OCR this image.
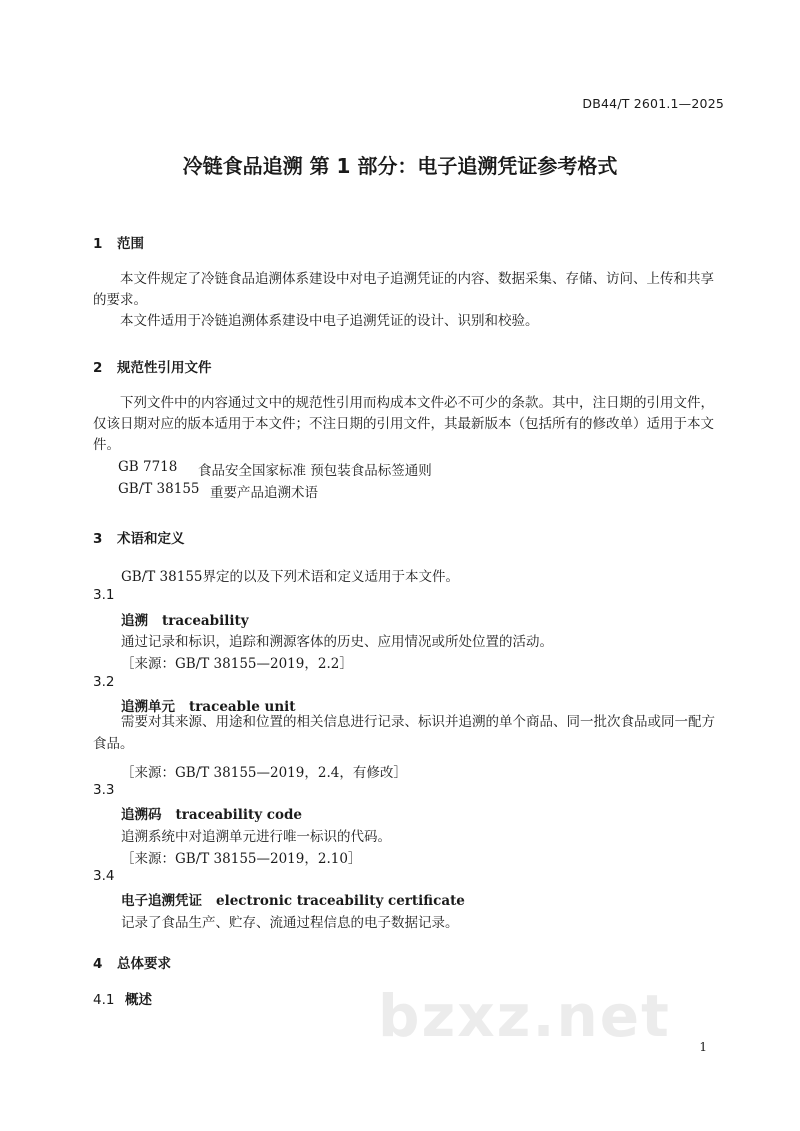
DB44/T 2601.1—2025
冷链食品追溯 第 1 部分：电子追溯凭证参考格式
1 范围
本文件规定了冷链食品追溯体系建设中对电子追溯凭证的内容、数据采集、存储、访问、上传和共享的要求。
本文件适用于冷链追溯体系建设中电子追溯凭证的设计、识别和校验。
2 规范性引用文件
下列文件中的内容通过文中的规范性引用而构成本文件必不可少的条款。其中，注日期的引用文件，仅该日期对应的版本适用于本文件；不注日期的引用文件，其最新版本（包括所有的修改单）适用于本文件。
GB 7718	食品安全国家标准 预包装食品标签通则
GB/T 38155 重要产品追溯术语
3 术语和定义
GB/T 38155界定的以及下列术语和定义适用于本文件。
3.1
追溯 traceability
通过记录和标识，追踪和溯源客体的历史、应用情况或所处位置的活动。
［来源：GB/T 38155—2019，2.2］
3.2
追溯单元 traceable unit
需要对其来源、用途和位置的相关信息进行记录、标识并追溯的单个商品、同一批次食品或同一配方食品。
［来源：GB/T 38155—2019，2.4，有修改］
3.3
追溯码 traceability code
追溯系统中对追溯单元进行唯一标识的代码。
［来源：GB/T 38155—2019，2.10］
3.4
电子追溯凭证 electronic traceability certificate
记录了食品生产、贮存、流通过程信息的电子数据记录。
4 总体要求
4.1 概述	bzxz.net 1
